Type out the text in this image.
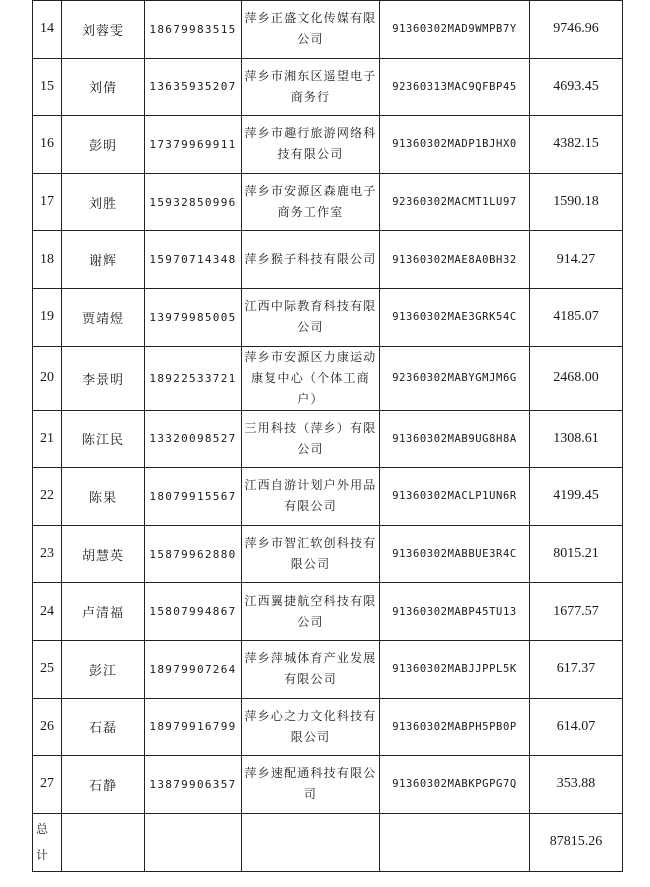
14	刘蓉雯	18679983515	萍乡正盛文化传媒有限公司	91360302MAD9WMPB7Y	9746.96
15	刘倩	13635935207	萍乡市湘东区遥望电子商务行	92360313MAC9QFBP45	4693.45
16	彭明	17379969911	萍乡市趣行旅游网络科技有限公司	91360302MADP1BJHX0	4382.15
17	刘胜	15932850996	萍乡市安源区森鹿电子商务工作室	92360302MACMT1LU97	1590.18
18	谢辉	15970714348	萍乡猴子科技有限公司	91360302MAE8A0BH32	914.27
19	贾靖煜	13979985005	江西中际教育科技有限公司	91360302MAE3GRK54C	4185.07
20	李景明	18922533721	萍乡市安源区力康运动康复中心（个体工商户）	92360302MABYGMJM6G	2468.00
21	陈江民	13320098527	三用科技（萍乡）有限公司	91360302MAB9UG8H8A	1308.61
22	陈果	18079915567	江西自游计划户外用品有限公司	91360302MACLP1UN6R	4199.45
23	胡慧英	15879962880	萍乡市智汇软创科技有限公司	91360302MABBUE3R4C	8015.21
24	卢清福	15807994867	江西翼捷航空科技有限公司	91360302MABP45TU13	1677.57
25	彭江	18979907264	萍乡萍城体育产业发展有限公司	91360302MABJJPPL5K	617.37
26	石磊	18979916799	萍乡心之力文化科技有限公司	91360302MABPH5PB0P	614.07
27	石静	13879906357	萍乡速配通科技有限公司	91360302MABKPGPG7Q	353.88

总计					87815.26
